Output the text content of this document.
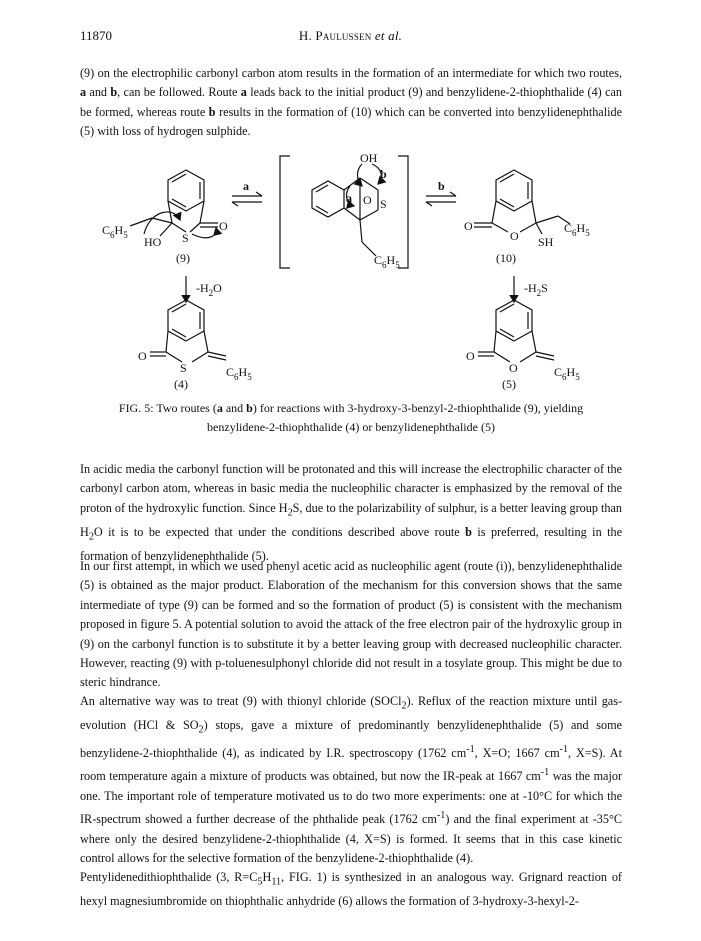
11870	H. Paulussen et al.

(9) on the electrophilic carbonyl carbon atom results in the formation of an intermediate for which two routes, a and b, can be followed. Route a leads back to the initial product (9) and benzylidene-2-thiophthalide (4) can be formed, whereas route b results in the formation of (10) which can be converted into benzylidenephthalide (5) with loss of hydrogen sulphide.

$C_6H_5$ HO S
O
(9)
a	b
OH
a
b
O S
$C_6H_5$
O
O SH
$C_6H_5$
(10)
$-H_2O$	$-H_2S$
O
S	$C_6H_5$
(4)
O
O	$C_6H_5$
(5)

FIG. 5: Two routes (a and b) for reactions with 3-hydroxy-3-benzyl-2-thiophthalide (9), yielding
benzylidene-2-thiophthalide (4) or benzylidenephthalide (5)

In acidic media the carbonyl function will be protonated and this will increase the electrophilic character of the carbonyl carbon atom, whereas in basic media the nucleophilic character is emphasized by the removal of the proton of the hydroxylic function. Since $H_2S$, due to the polarizability of sulphur, is a better leaving group than $H_2O$ it is to be expected that under the conditions described above route b is preferred, resulting in the formation of benzylidenephthalide (5).

In our first attempt, in which we used phenyl acetic acid as nucleophilic agent (route (i)), benzylidenephthalide (5) is obtained as the major product. Elaboration of the mechanism for this conversion shows that the same intermediate of type (9) can be formed and so the formation of product (5) is consistent with the mechanism proposed in figure 5. A potential solution to avoid the attack of the free electron pair of the hydroxylic group in (9) on the carbonyl function is to substitute it by a better leaving group with decreased nucleophilic character. However, reacting (9) with p-toluenesulphonyl chloride did not result in a tosylate group. This might be due to steric hindrance.

An alternative way was to treat (9) with thionyl chloride (SOCl$_2$). Reflux of the reaction mixture until gas-evolution (HCl & $SO_2$) stops, gave a mixture of predominantly benzylidenephthalide (5) and some benzylidene-2-thiophthalide (4), as indicated by I.R. spectroscopy (1762 $cm^{-1}$, X=O; 1667 $cm^{-1}$, X=S). At room temperature again a mixture of products was obtained, but now the IR-peak at 1667 $cm^{-1}$ was the major one. The important role of temperature motivated us to do two more experiments: one at -10°C for which the IR-spectrum showed a further decrease of the phthalide peak (1762 $cm^{-1}$) and the final experiment at -35°C where only the desired benzylidene-2-thiophthalide (4, X=S) is formed. It seems that in this case kinetic control allows for the selective formation of the benzylidene-2-thiophthalide (4).

Pentylidenedithiophthalide (3, $R=C_5H_{11}$, FIG. 1) is synthesized in an analogous way. Grignard reaction of hexyl magnesiumbromide on thiophthalic anhydride (6) allows the formation of 3-hydroxy-3-hexyl-2-
